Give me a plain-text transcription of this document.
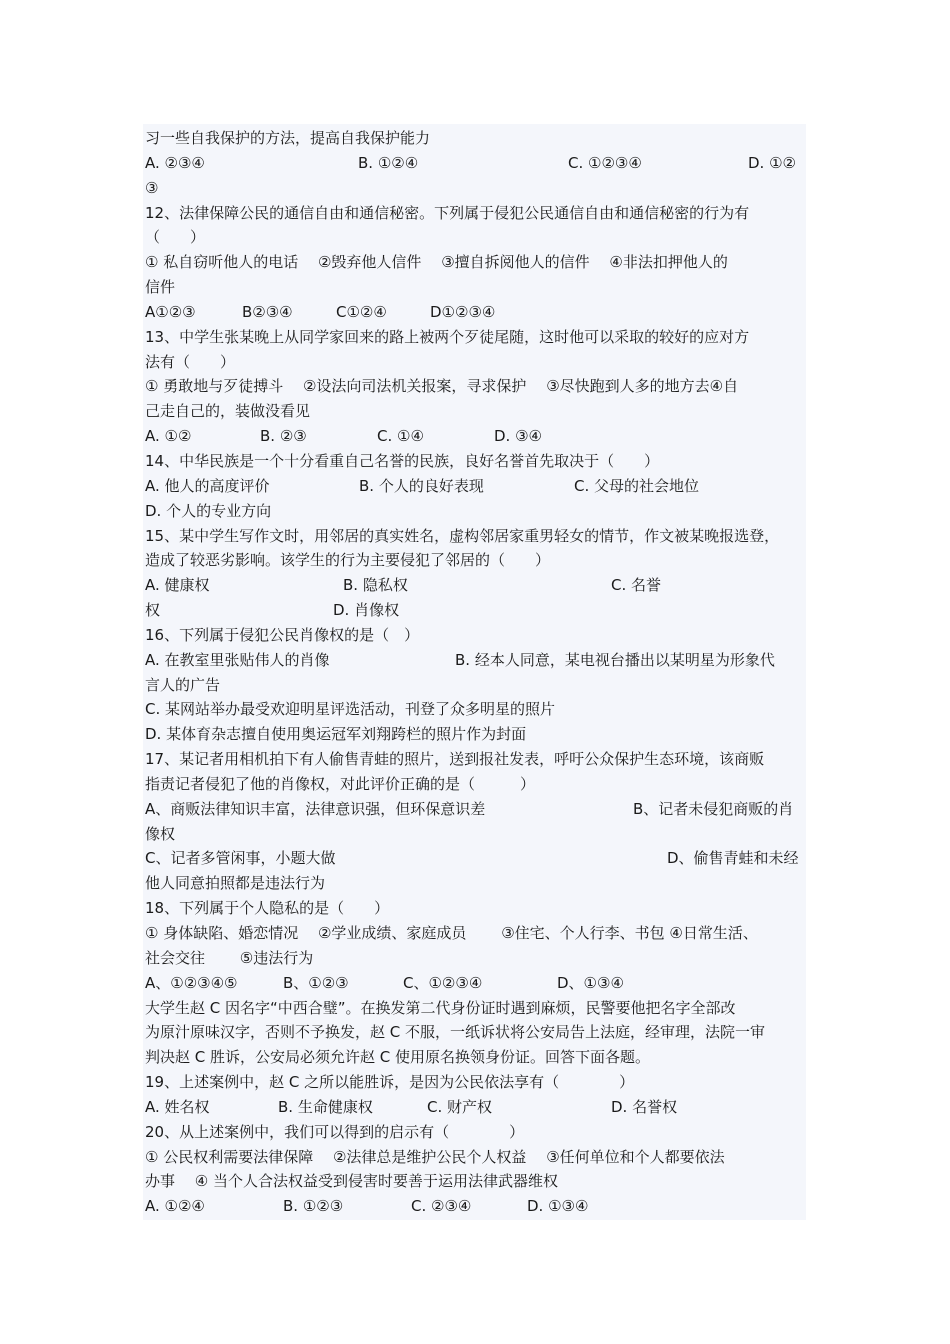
习一些自我保护的方法，提高自我保护能力
A. ②③④	B. ①②④	C. ①②③④	D. ①②
③
12、法律保障公民的通信自由和通信秘密。下列属于侵犯公民通信自由和通信秘密的行为有
（　　）
① 私自窃听他人的电话　 ②毁弃他人信件　 ③擅自拆阅他人的信件　 ④非法扣押他人的
信件
A①②③	B②③④	C①②④	D①②③④
13、中学生张某晚上从同学家回来的路上被两个歹徒尾随，这时他可以采取的较好的应对方
法有（　　）
① 勇敢地与歹徒搏斗　 ②设法向司法机关报案，寻求保护　 ③尽快跑到人多的地方去④自
己走自己的，装做没看见
A. ①②	B. ②③	C. ①④	D. ③④
14、中华民族是一个十分看重自己名誉的民族，良好名誉首先取决于（　　）
A. 他人的高度评价	B. 个人的良好表现	C. 父母的社会地位
D. 个人的专业方向
15、某中学生写作文时，用邻居的真实姓名，虚构邻居家重男轻女的情节，作文被某晚报选登，
造成了较恶劣影响。该学生的行为主要侵犯了邻居的（　　）
A. 健康权	B. 隐私权	C. 名誉
权	D. 肖像权
16、下列属于侵犯公民肖像权的是（　）
A. 在教室里张贴伟人的肖像	B. 经本人同意，某电视台播出以某明星为形象代
言人的广告
C. 某网站举办最受欢迎明星评选活动，刊登了众多明星的照片
D. 某体育杂志擅自使用奥运冠军刘翔跨栏的照片作为封面
17、某记者用相机拍下有人偷售青蛙的照片，送到报社发表，呼吁公众保护生态环境，该商贩
指责记者侵犯了他的肖像权，对此评价正确的是（　　　）
A、商贩法律知识丰富，法律意识强，但环保意识差	B、记者未侵犯商贩的肖
像权
C、记者多管闲事，小题大做	D、偷售青蛙和未经
他人同意拍照都是违法行为
18、下列属于个人隐私的是（　　）
① 身体缺陷、婚恋情况　 ②学业成绩、家庭成员　　 ③住宅、个人行李、书包 ④日常生活、
社会交往　　 ⑤违法行为
A、①②③④⑤	B、①②③	C、①②③④	D、①③④
大学生赵 C 因名字“中西合璧”。在换发第二代身份证时遇到麻烦，民警要他把名字全部改
为原汁原味汉字，否则不予换发，赵 C 不服，一纸诉状将公安局告上法庭，经审理，法院一审
判决赵 C 胜诉，公安局必须允许赵 C 使用原名换领身份证。回答下面各题。
19、上述案例中，赵 C 之所以能胜诉，是因为公民依法享有（　　　　）
A. 姓名权	B. 生命健康权	C. 财产权	D. 名誉权
20、从上述案例中，我们可以得到的启示有（　　　　）
① 公民权利需要法律保障　 ②法律总是维护公民个人权益　 ③任何单位和个人都要依法
办事　 ④ 当个人合法权益受到侵害时要善于运用法律武器维权
A. ①②④	B. ①②③	C. ②③④	D. ①③④
